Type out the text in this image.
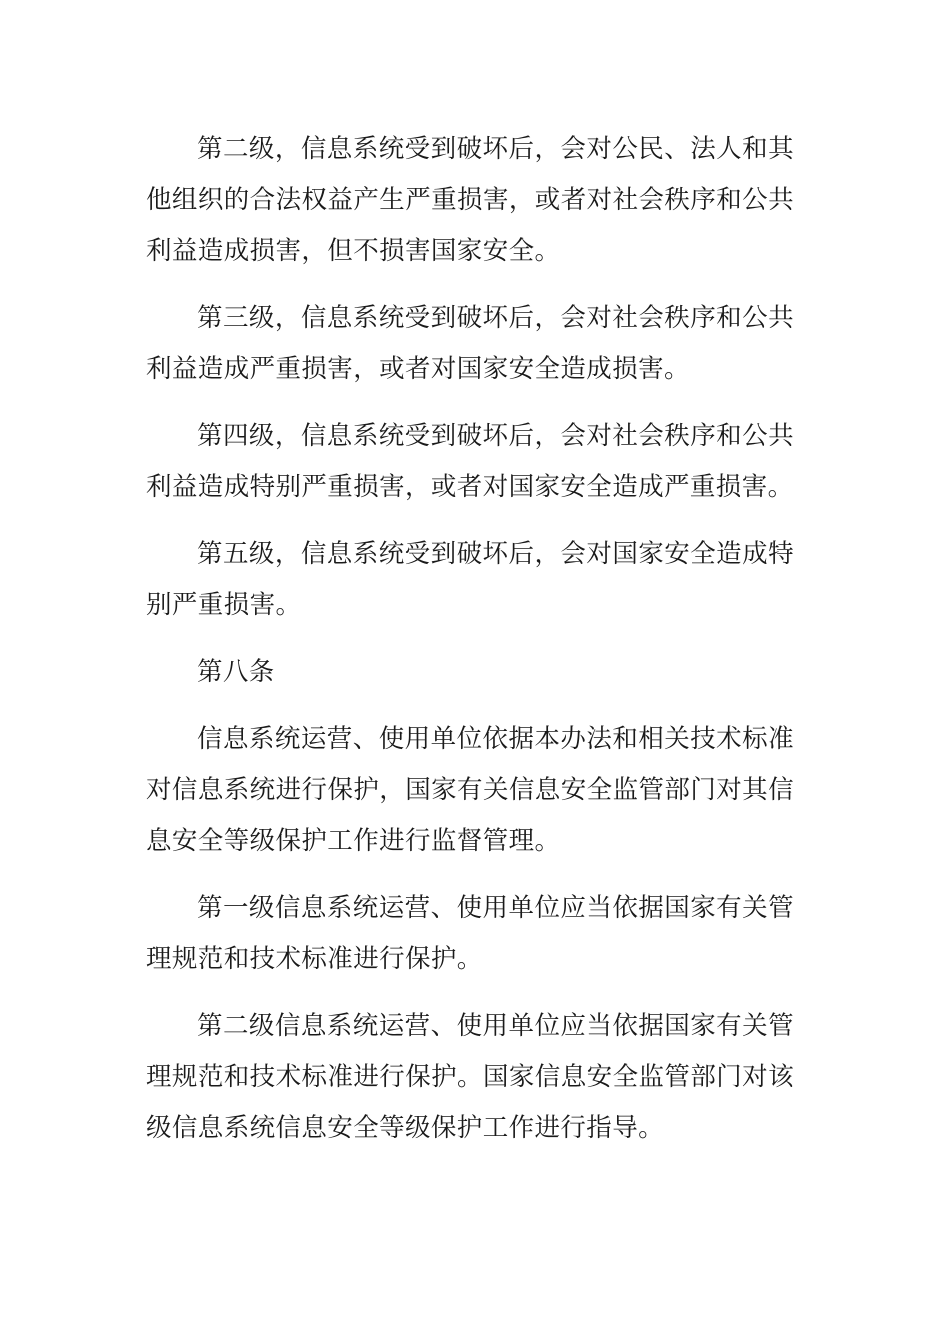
第二级，信息系统受到破坏后，会对公民、法人和其他组织的合法权益产生严重损害，或者对社会秩序和公共利益造成损害，但不损害国家安全。

第三级，信息系统受到破坏后，会对社会秩序和公共利益造成严重损害，或者对国家安全造成损害。

第四级，信息系统受到破坏后，会对社会秩序和公共利益造成特别严重损害，或者对国家安全造成严重损害。

第五级，信息系统受到破坏后，会对国家安全造成特别严重损害。

第八条

信息系统运营、使用单位依据本办法和相关技术标准对信息系统进行保护，国家有关信息安全监管部门对其信息安全等级保护工作进行监督管理。

第一级信息系统运营、使用单位应当依据国家有关管理规范和技术标准进行保护。

第二级信息系统运营、使用单位应当依据国家有关管理规范和技术标准进行保护。国家信息安全监管部门对该级信息系统信息安全等级保护工作进行指导。
